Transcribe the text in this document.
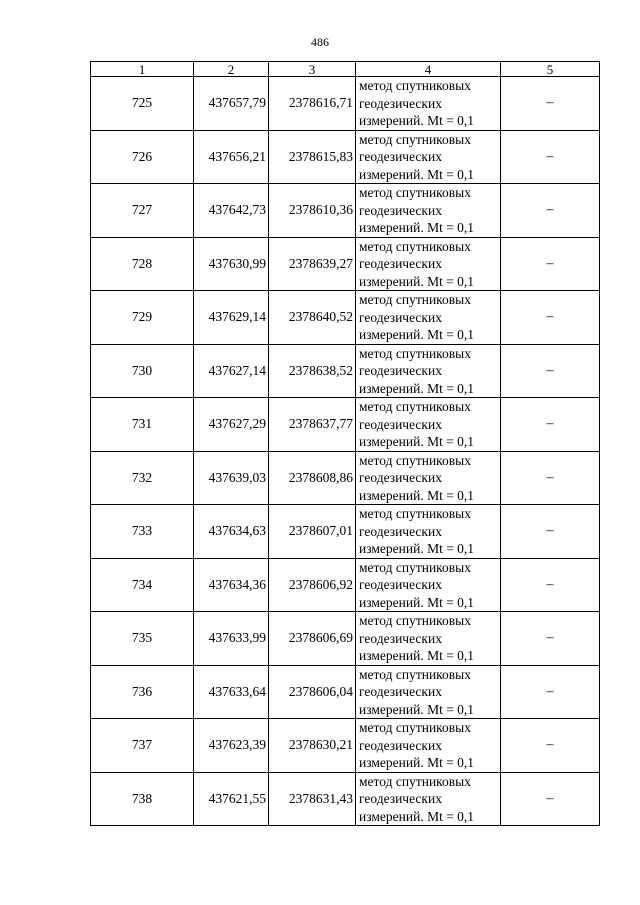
486
1	2	3	4	5
725	437657,79	2378616,71	метод спутниковых
геодезических
измерений. Mt = 0,1	–
726	437656,21	2378615,83	метод спутниковых
геодезических
измерений. Mt = 0,1	–
727	437642,73	2378610,36	метод спутниковых
геодезических
измерений. Mt = 0,1	–
728	437630,99	2378639,27	метод спутниковых
геодезических
измерений. Mt = 0,1	–
729	437629,14	2378640,52	метод спутниковых
геодезических
измерений. Mt = 0,1	–
730	437627,14	2378638,52	метод спутниковых
геодезических
измерений. Mt = 0,1	–
731	437627,29	2378637,77	метод спутниковых
геодезических
измерений. Mt = 0,1	–
732	437639,03	2378608,86	метод спутниковых
геодезических
измерений. Mt = 0,1	–
733	437634,63	2378607,01	метод спутниковых
геодезических
измерений. Mt = 0,1	–
734	437634,36	2378606,92	метод спутниковых
геодезических
измерений. Mt = 0,1	–
735	437633,99	2378606,69	метод спутниковых
геодезических
измерений. Mt = 0,1	–
736	437633,64	2378606,04	метод спутниковых
геодезических
измерений. Mt = 0,1	–
737	437623,39	2378630,21	метод спутниковых
геодезических
измерений. Mt = 0,1	–
738	437621,55	2378631,43	метод спутниковых
геодезических
измерений. Mt = 0,1	–
